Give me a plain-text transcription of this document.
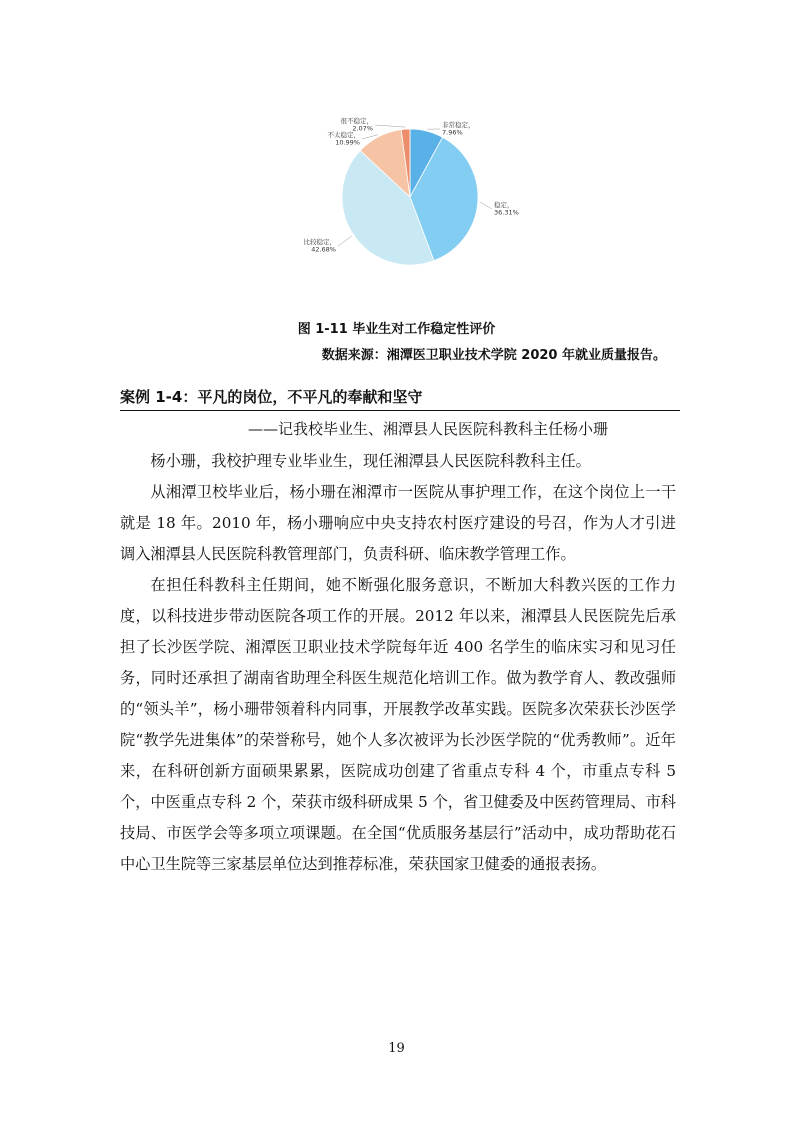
非常稳定， 7.96%
稳定， 36.31%
比较稳定， 42.68%
不太稳定， 10.99%
很不稳定， 2.07%
图 1-11 毕业生对工作稳定性评价
数据来源：湘潭医卫职业技术学院 2020 年就业质量报告。
案例 1-4：平凡的岗位，不平凡的奉献和坚守
——记我校毕业生、湘潭县人民医院科教科主任杨小珊

杨小珊，我校护理专业毕业生，现任湘潭县人民医院科教科主任。

从湘潭卫校毕业后，杨小珊在湘潭市一医院从事护理工作，在这个岗位上一干就是 18 年。2010 年，杨小珊响应中央支持农村医疗建设的号召，作为人才引进调入湘潭县人民医院科教管理部门，负责科研、临床教学管理工作。

在担任科教科主任期间，她不断强化服务意识，不断加大科教兴医的工作力度，以科技进步带动医院各项工作的开展。2012 年以来，湘潭县人民医院先后承担了长沙医学院、湘潭医卫职业技术学院每年近 400 名学生的临床实习和见习任务，同时还承担了湖南省助理全科医生规范化培训工作。做为教学育人、教改强师的“领头羊”，杨小珊带领着科内同事，开展教学改革实践。医院多次荣获长沙医学院“教学先进集体”的荣誉称号，她个人多次被评为长沙医学院的“优秀教师”。近年来，在科研创新方面硕果累累，医院成功创建了省重点专科 4 个，市重点专科 5 个，中医重点专科 2 个，荣获市级科研成果 5 个，省卫健委及中医药管理局、市科技局、市医学会等多项立项课题。在全国“优质服务基层行”活动中，成功帮助花石中心卫生院等三家基层单位达到推荐标准，荣获国家卫健委的通报表扬。

19
